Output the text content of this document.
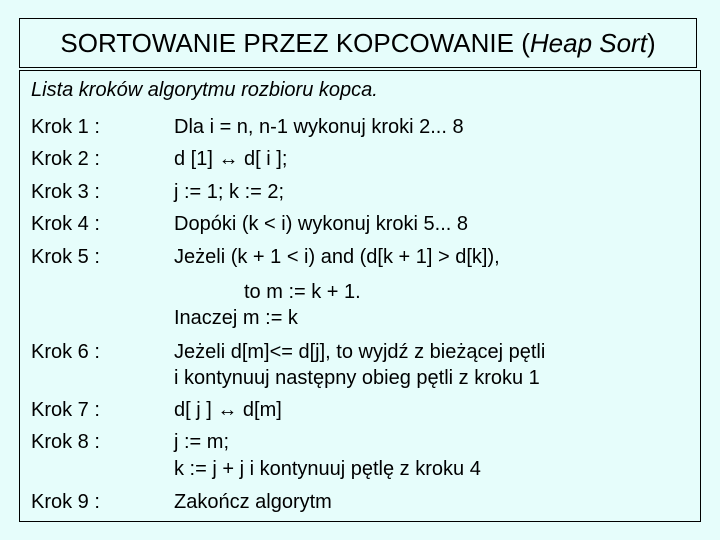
SORTOWANIE PRZEZ KOPCOWANIE ( Heap Sort )
Lista kroków algorytmu rozbioru kopca.
Krok 1 :	Dla i = n, n-1 wykonuj kroki 2... 8
Krok 2 :	d [1] ↔ d[ i ];
Krok 3 :	j := 1; k := 2;
Krok 4 :	Dopóki (k < i) wykonuj kroki 5... 8
Krok 5 :	Jeżeli (k + 1 < i) and (d[k + 1] > d[k]),
to m := k + 1.
Inaczej m := k
Krok 6 :	Jeżeli d[m]<= d[j], to wyjdź z bieżącej pętli
i kontynuuj następny obieg pętli z kroku 1
Krok 7 :	d[ j ] ↔ d[m]
Krok 8 :	j := m;
k := j + j i kontynuuj pętlę z kroku 4
Krok 9 :	Zakończ algorytm
